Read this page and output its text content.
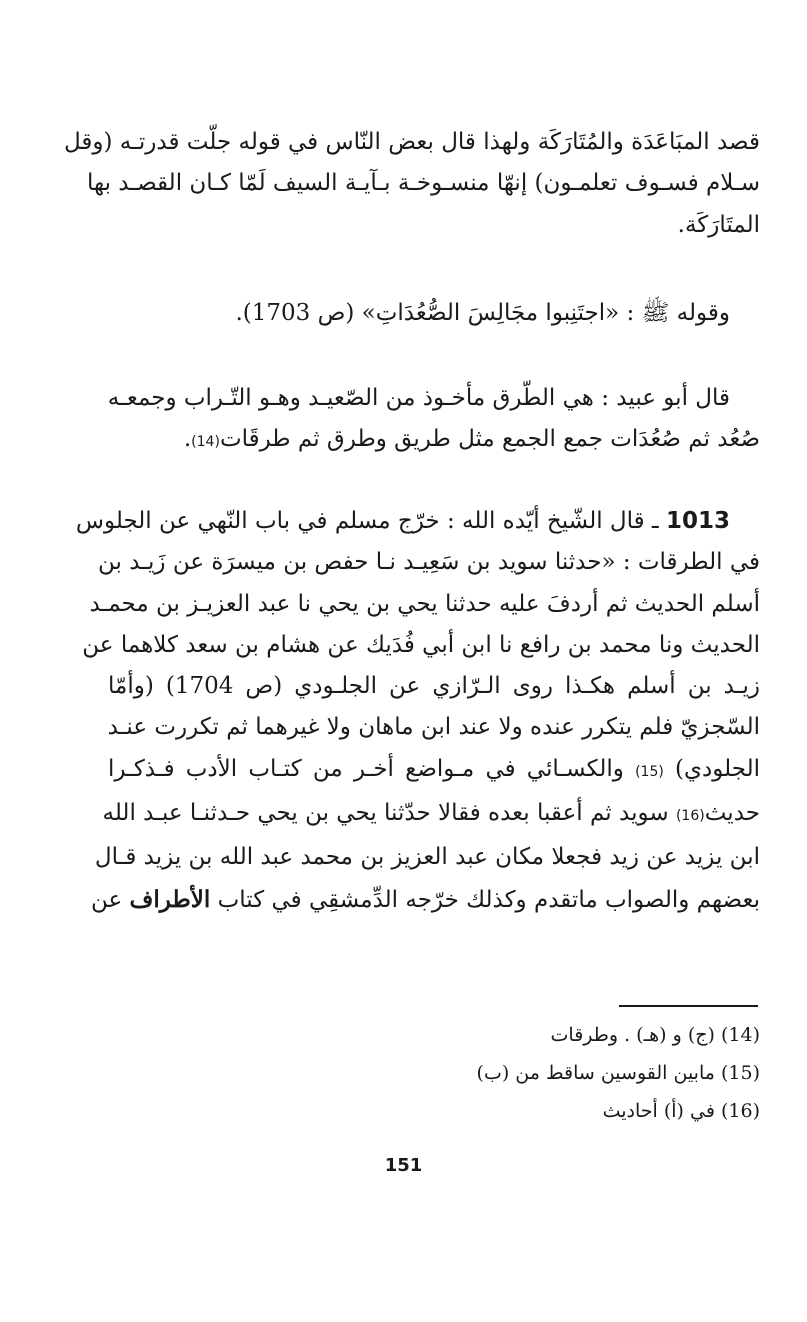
قصد المبَاعَدَة والمُتَارَكَة ولهذا قال بعض النّاس في قوله جلّت قدرتـه (وقل
سـلام فسـوف تعلمـون) إنهّا منسـوخـة بـآيـة السيف لَمّا كـان القصـد بها
المتَارَكَة.

وقوله ﷺ : «اجتَنِبوا مجَالِسَ الصُّعُدَاتِ» (ص 1703).

قال أبو عبيد : هي الطّرق مأخـوذ من الصّعيـد وهـو التّـراب وجمعـه
صُعُد ثم صُعُدَات جمع الجمع مثل طريق وطرق ثم طرقَات(14).

1013 ـ قال الشّيخ أيّده الله : خرّج مسلم في باب النّهي عن الجلوس
في الطرقات : «حدثنا سويد بن سَعِيـد نـا حفص بن ميسرَة عن زَيـد بن
أسلم الحديث ثم أردفَ عليه حدثنا يحي بن يحي نا عبد العزيـز بن محمـد
الحديث ونا محمد بن رافع نا ابن أبي فُدَيك عن هشام بن سعد كلاهما عن
زيـد بن أسلم هكـذا روى الـرّازي عن الجلـودي (ص 1704) (وأمّا
السّجزيّ فلم يتكرر عنده ولا عند ابن ماهان ولا غيرهما ثم تكررت عنـد
الجلودي) (15) والكسـائي في مـواضع أخـر من كتـاب الأدب فـذكـرا
حديث(16) سويد ثم أعقبا بعده فقالا حدّثنا يحي بن يحي حـدثنـا عبـد الله
ابن يزيد عن زيد فجعلا مكان عبد العزيز بن محمد عبد الله بن يزيد قـال
بعضهم والصواب ماتقدم وكذلك خرّجه الدِّمشقِي في كتاب الأطراف عن

(14) (ج) و (هـ) . وطرقات
(15) مابين القوسين ساقط من (ب)
(16) في (أ) أحاديث
151
